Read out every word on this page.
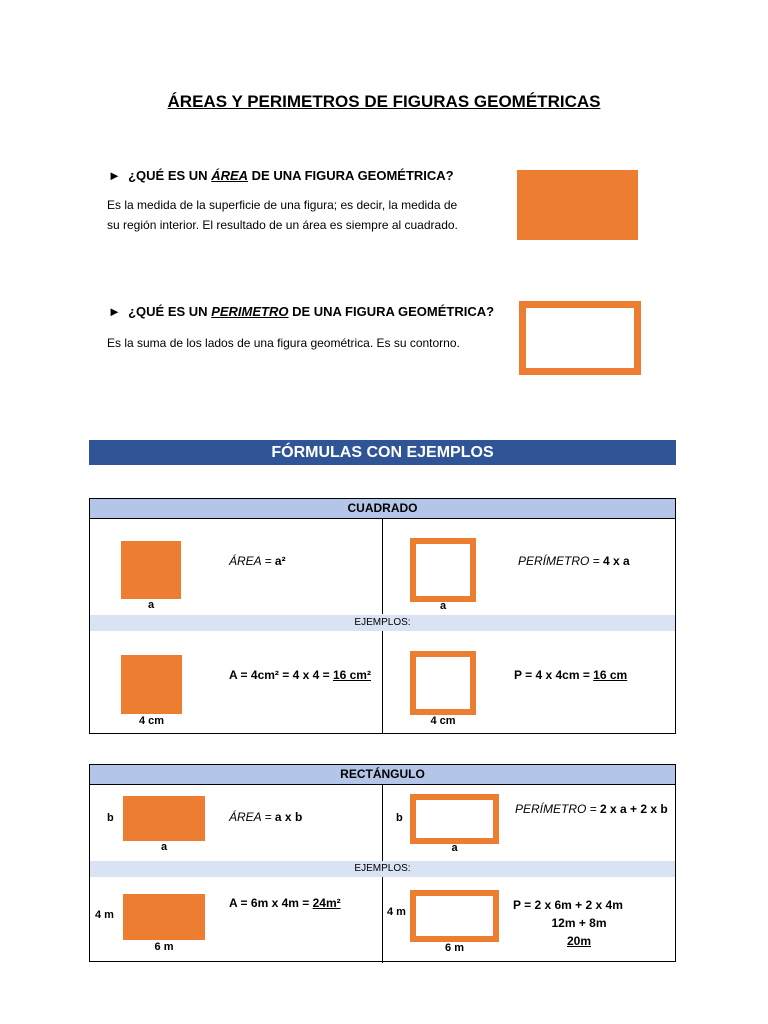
ÁREAS Y PERIMETROS DE FIGURAS GEOMÉTRICAS
► ¿QUÉ ES UN ÁREA DE UNA FIGURA GEOMÉTRICA?
Es la medida de la superficie de una figura; es decir, la medida de
su región interior. El resultado de un área es siempre al cuadrado.
► ¿QUÉ ES UN PERIMETRO DE UNA FIGURA GEOMÉTRICA?
Es la suma de los lados de una figura geométrica. Es su contorno.
FÓRMULAS CON EJEMPLOS
CUADRADO
EJEMPLOS:
a
ÁREA = a²
a
PERÍMETRO = 4 x a
4 cm
A = 4cm² = 4 x 4 = 16 cm²
4 cm
P = 4 x 4cm = 16 cm
RECTÁNGULO
EJEMPLOS:
b
a
ÁREA = a x b	b
a
PERÍMETRO = 2 x a + 2 x b
4 m
6 m
A = 6m x 4m = 24m²
4 m
6 m
P = 2 x 6m + 2 x 4m
12m + 8m
20m
